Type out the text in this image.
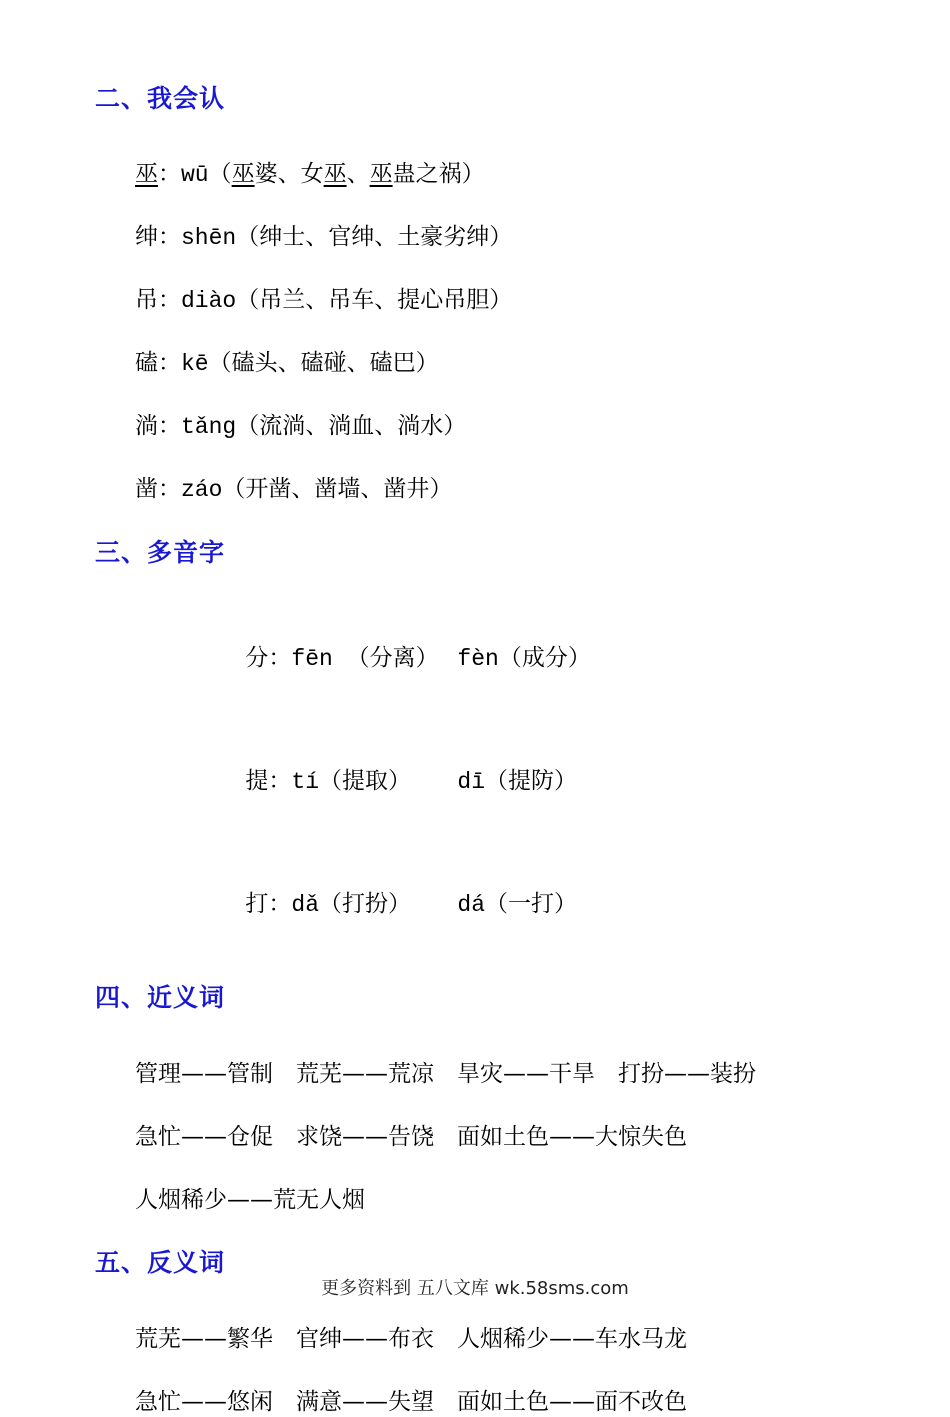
二、我会认

巫：wū（巫婆、女巫、巫蛊之祸）

绅：shēn（绅士、官绅、土豪劣绅）

吊：diào（吊兰、吊车、提心吊胆）

磕：kē（磕头、磕碰、磕巴）

淌：tǎng（流淌、淌血、淌水）

凿：záo（开凿、凿墙、凿井）

三、多音字

分：fēn （分离） fèn（成分）

提：tí（提取） dī（提防）

打：dǎ（打扮） dá（一打）

四、近义词

管理——管制　荒芜——荒凉　旱灾——干旱　打扮——装扮

急忙——仓促　求饶——告饶　面如土色——大惊失色

人烟稀少——荒无人烟

五、反义词

荒芜——繁华　官绅——布衣　人烟稀少——车水马龙

急忙——悠闲　满意——失望　面如土色——面不改色

更多资料到 五八文库 wk.58sms.com
